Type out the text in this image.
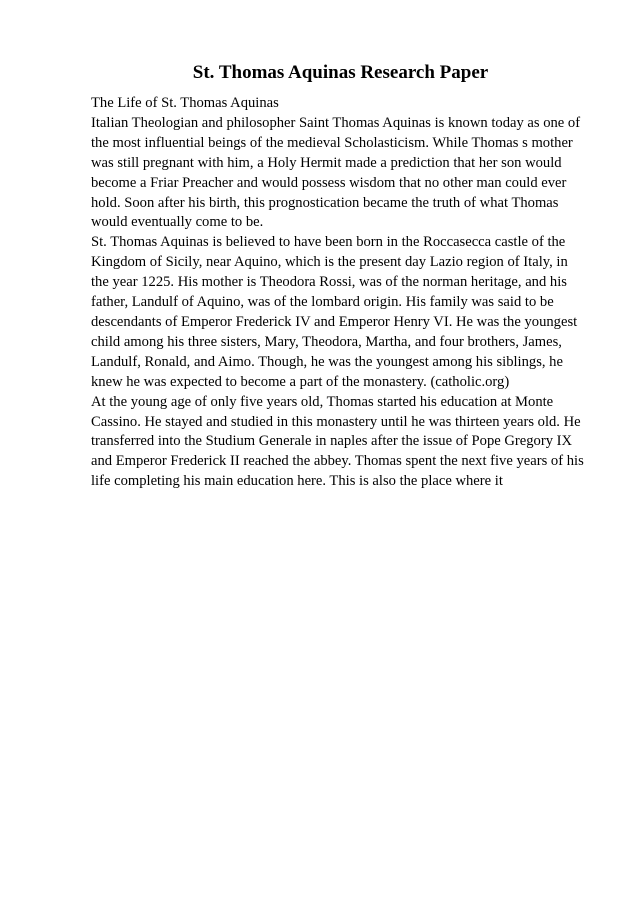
St. Thomas Aquinas Research Paper
The Life of St. Thomas Aquinas
Italian Theologian and philosopher Saint Thomas Aquinas is known today as one of
the most influential beings of the medieval Scholasticism. While Thomas s mother
was still pregnant with him, a Holy Hermit made a prediction that her son would
become a Friar Preacher and would possess wisdom that no other man could ever
hold. Soon after his birth, this prognostication became the truth of what Thomas
would eventually come to be.
St. Thomas Aquinas is believed to have been born in the Roccasecca castle of the
Kingdom of Sicily, near Aquino, which is the present day Lazio region of Italy, in
the year 1225. His mother is Theodora Rossi, was of the norman heritage, and his
father, Landulf of Aquino, was of the lombard origin. His family was said to be
descendants of Emperor Frederick IV and Emperor Henry VI. He was the youngest
child among his three sisters, Mary, Theodora, Martha, and four brothers, James,
Landulf, Ronald, and Aimo. Though, he was the youngest among his siblings, he
knew he was expected to become a part of the monastery. (catholic.org)
At the young age of only five years old, Thomas started his education at Monte
Cassino. He stayed and studied in this monastery until he was thirteen years old. He
transferred into the Studium Generale in naples after the issue of Pope Gregory IX
and Emperor Frederick II reached the abbey. Thomas spent the next five years of his
life completing his main education here. This is also the place where it
